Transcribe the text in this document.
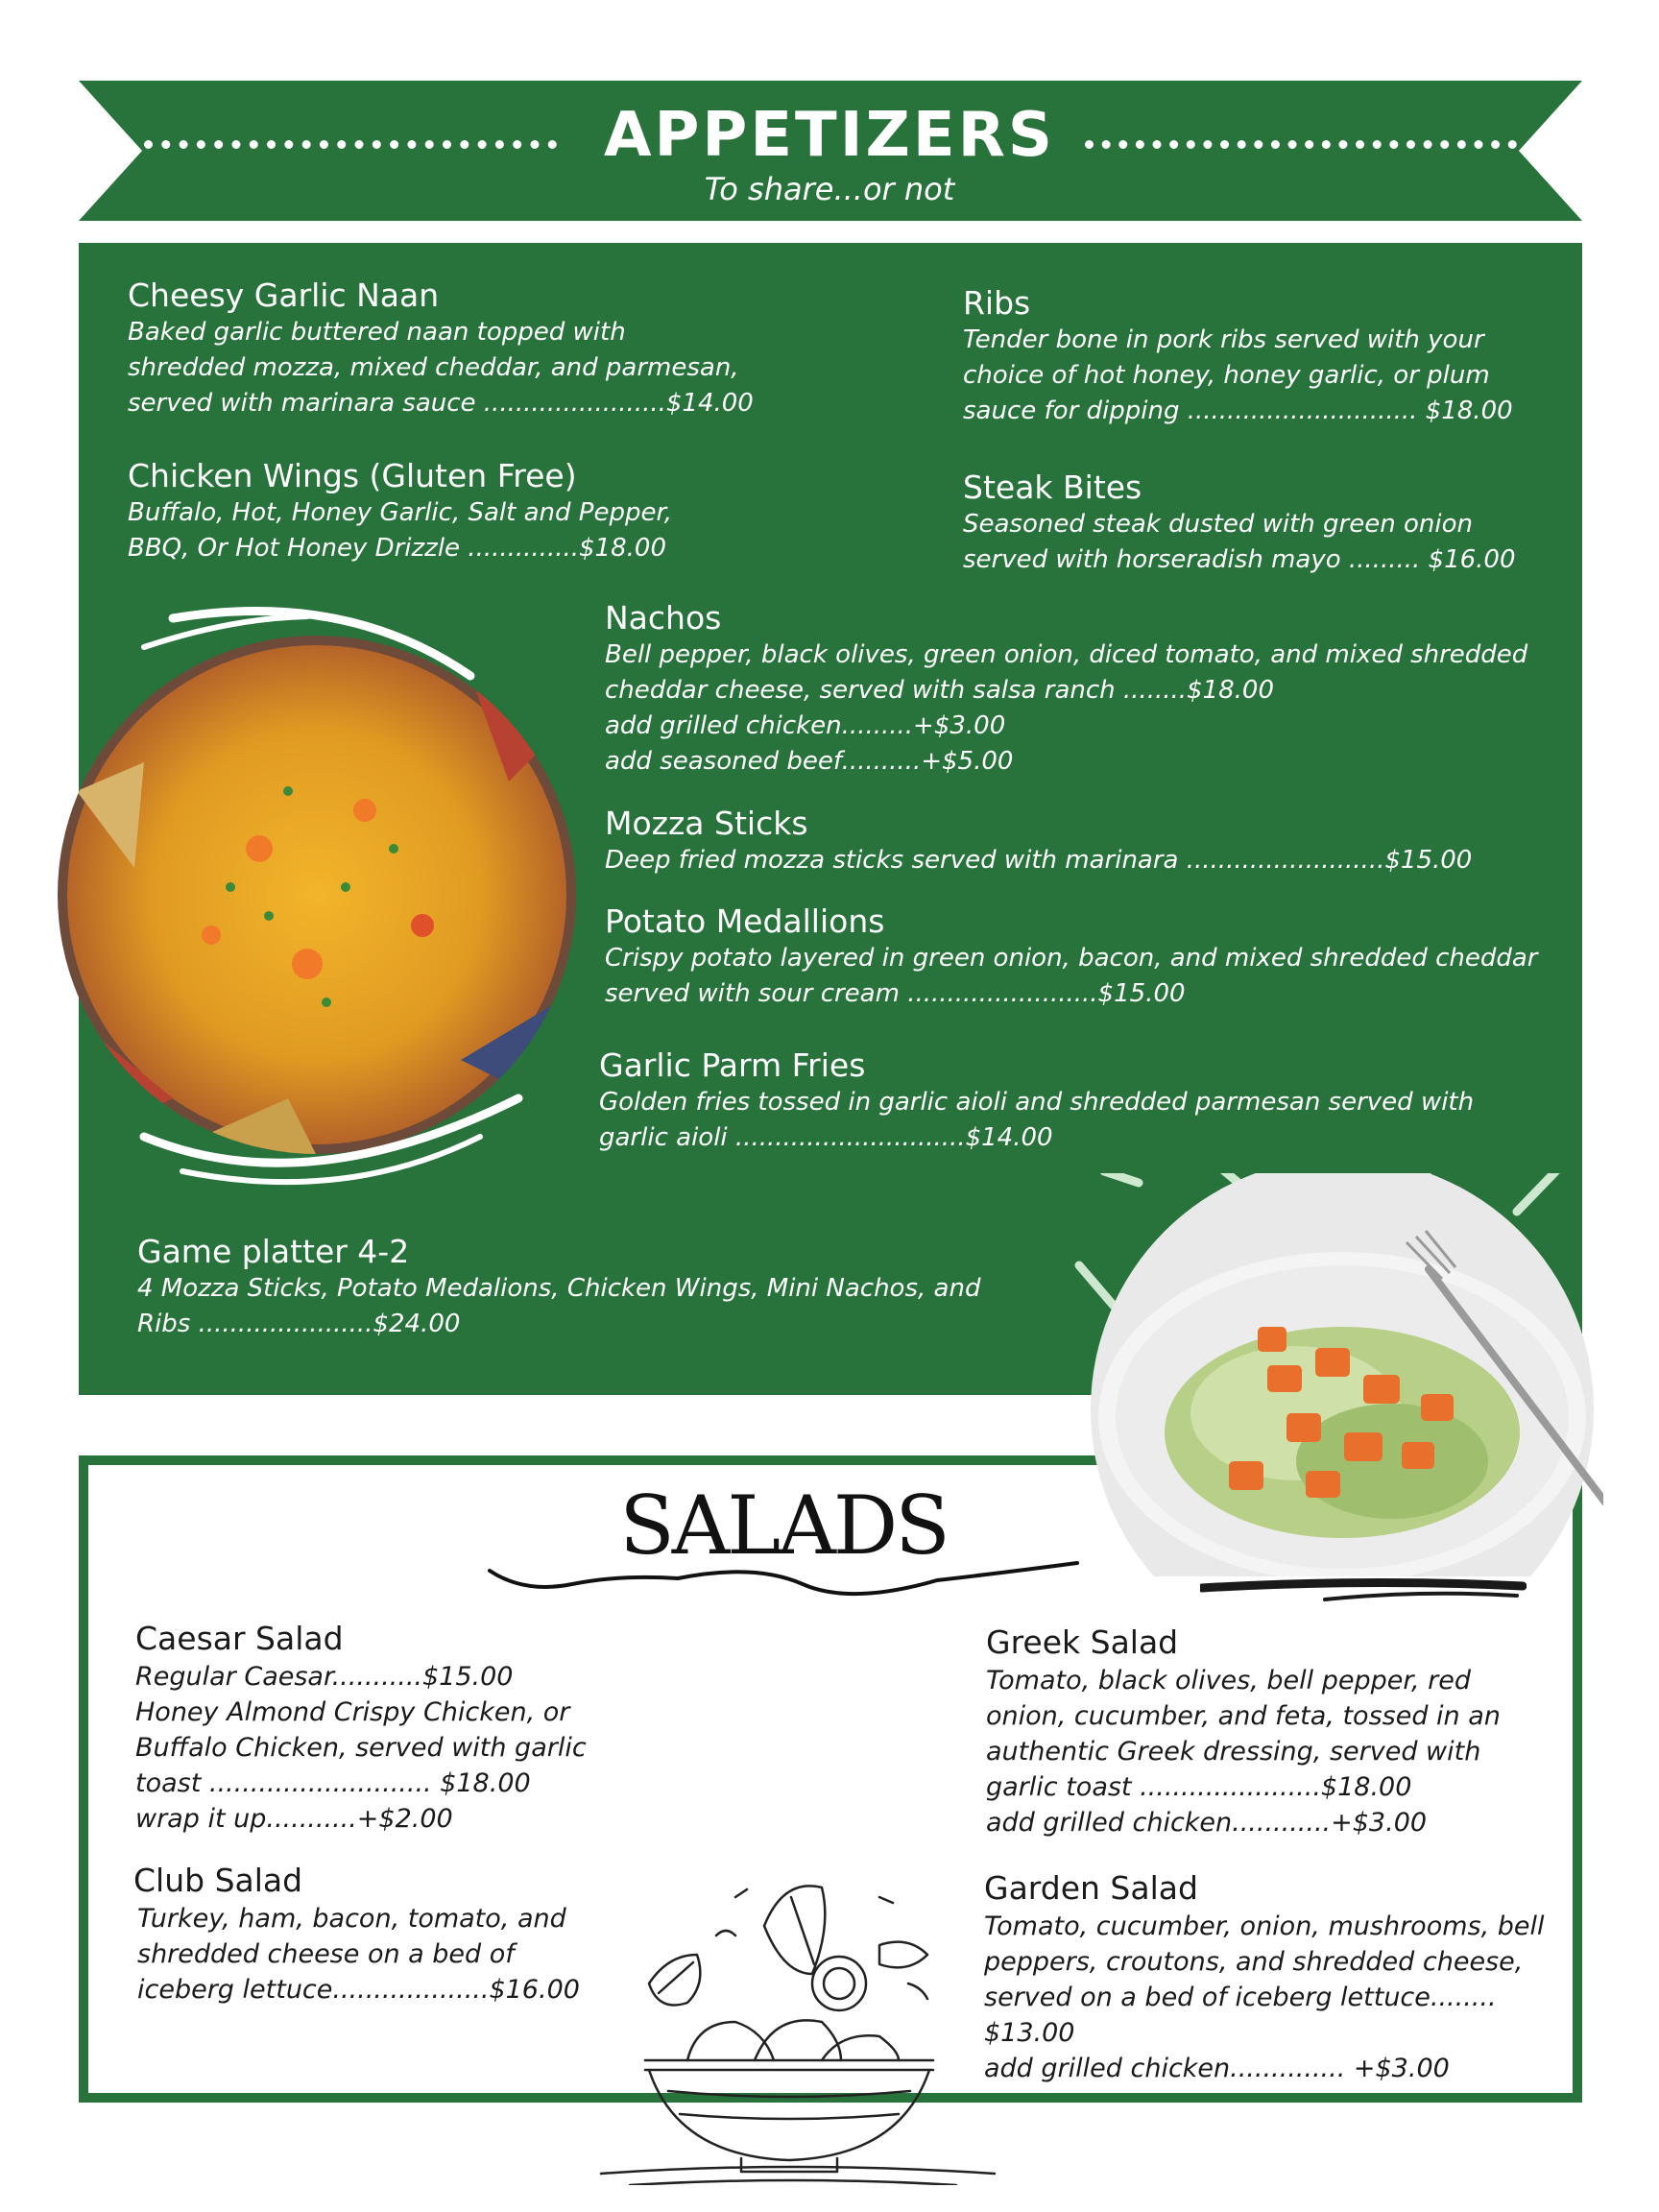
APPETIZERS
To share...or not
Cheesy Garlic Naan
Baked garlic buttered naan topped with
shredded mozza, mixed cheddar, and parmesan,
served with marinara sauce .......................$14.00
Ribs
Tender bone in pork ribs served with your
choice of hot honey, honey garlic, or plum
sauce for dipping ............................. $18.00
Chicken Wings (Gluten Free)
Buffalo, Hot, Honey Garlic, Salt and Pepper,
BBQ, Or Hot Honey Drizzle ..............$18.00
Steak Bites
Seasoned steak dusted with green onion
served with horseradish mayo ......... $16.00
Nachos
Bell pepper, black olives, green onion, diced tomato, and mixed shredded
cheddar cheese, served with salsa ranch ........$18.00
add grilled chicken.........+$3.00
add seasoned beef..........+$5.00
Mozza Sticks
Deep fried mozza sticks served with marinara .........................$15.00
Potato Medallions
Crispy potato layered in green onion, bacon, and mixed shredded cheddar
served with sour cream ........................$15.00
Garlic Parm Fries
Golden fries tossed in garlic aioli and shredded parmesan served with
garlic aioli .............................$14.00
Game platter 4-2
4 Mozza Sticks, Potato Medalions, Chicken Wings, Mini Nachos, and
Ribs ......................$24.00
SALADS
Caesar Salad
Regular Caesar...........$15.00
Honey Almond Crispy Chicken, or
Buffalo Chicken, served with garlic
toast ........................... $18.00
wrap it up...........+$2.00
Club Salad
Turkey, ham, bacon, tomato, and
shredded cheese on a bed of
iceberg lettuce...................$16.00
Greek Salad
Tomato, black olives, bell pepper, red
onion, cucumber, and feta, tossed in an
authentic Greek dressing, served with
garlic toast ......................$18.00
add grilled chicken............+$3.00
Garden Salad
Tomato, cucumber, onion, mushrooms, bell
peppers, croutons, and shredded cheese,
served on a bed of iceberg lettuce........ $13.00
add grilled chicken.............. +$3.00
